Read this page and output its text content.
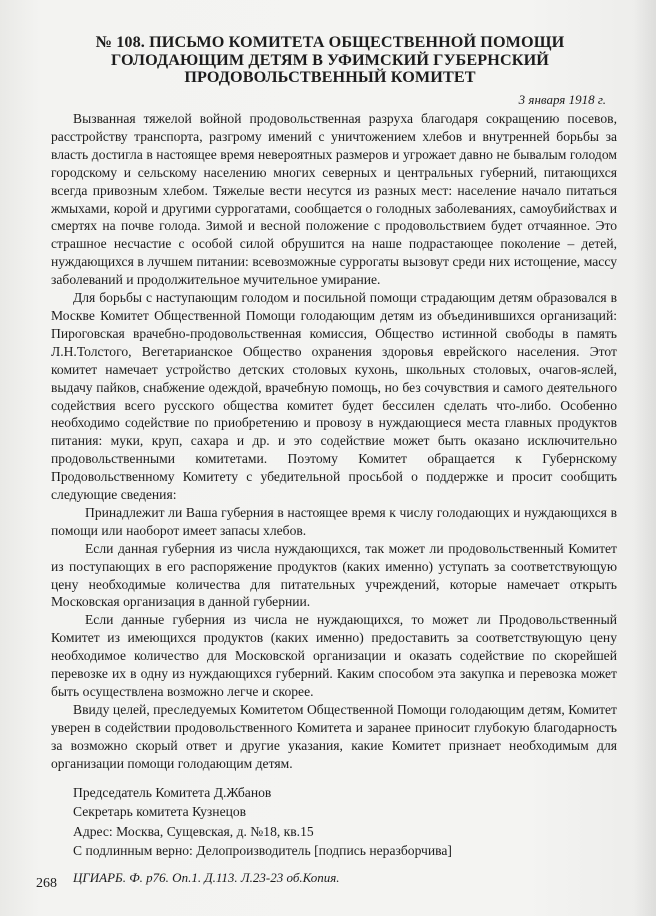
№ 108. ПИСЬМО КОМИТЕТА ОБЩЕСТВЕННОЙ ПОМОЩИ
ГОЛОДАЮЩИМ ДЕТЯМ В УФИМСКИЙ ГУБЕРНСКИЙ
ПРОДОВОЛЬСТВЕННЫЙ КОМИТЕТ
3 января 1918 г.

Вызванная тяжелой войной продовольственная разруха благодаря сокращению посевов, расстройству транспорта, разгрому имений с уничтожением хлебов и внутренней борьбы за власть достигла в настоящее время невероятных размеров и угрожает давно не бывалым голодом городскому и сельскому населению многих северных и центральных губерний, питающихся всегда привозным хлебом. Тяжелые вести несутся из разных мест: население начало питаться жмыхами, корой и другими суррогатами, сообщается о голодных заболеваниях, самоубийствах и смертях на почве голода. Зимой и весной положение с продовольствием будет отчаянное. Это страшное несчастие с особой силой обрушится на наше подрастающее поколение – детей, нуждающихся в лучшем питании: всевозможные суррогаты вызовут среди них истощение, массу заболеваний и продолжительное мучительное умирание.

Для борьбы с наступающим голодом и посильной помощи страдающим детям образовался в Москве Комитет Общественной Помощи голодающим детям из объединившихся организаций: Пироговская врачебно-продовольственная комиссия, Общество истинной свободы в память Л.Н.Толстого, Вегетарианское Общество охранения здоровья еврейского населения. Этот комитет намечает устройство детских столовых кухонь, школьных столовых, очагов-яслей, выдачу пайков, снабжение одеждой, врачебную помощь, но без сочувствия и самого деятельного содействия всего русского общества комитет будет бессилен сделать что-либо. Особенно необходимо содействие по приобретению и провозу в нуждающиеся места главных продуктов питания: муки, круп, сахара и др. и это содействие может быть оказано исключительно продовольственными комитетами. Поэтому Комитет обращается к Губернскому Продовольственному Комитету с убедительной просьбой о поддержке и просит сообщить следующие сведения:

Принадлежит ли Ваша губерния в настоящее время к числу голодающих и нуждающихся в помощи или наоборот имеет запасы хлебов.

Если данная губерния из числа нуждающихся, так может ли продовольственный Комитет из поступающих в его распоряжение продуктов (каких именно) уступать за соответствующую цену необходимые количества для питательных учреждений, которые намечает открыть Московская организация в данной губернии.

Если данные губерния из числа не нуждающихся, то может ли Продовольственный Комитет из имеющихся продуктов (каких именно) предоставить за соответствующую цену необходимое количество для Московской организации и оказать содействие по скорейшей перевозке их в одну из нуждающихся губерний. Каким способом эта закупка и перевозка может быть осуществлена возможно легче и скорее.

Ввиду целей, преследуемых Комитетом Общественной Помощи голодающим детям, Комитет уверен в содействии продовольственного Комитета и заранее приносит глубокую благодарность за возможно скорый ответ и другие указания, какие Комитет признает необходимым для организации помощи голодающим детям.

Председатель Комитета Д.Жбанов

Секретарь комитета Кузнецов

Адрес: Москва, Сущевская, д. №18, кв.15

С подлинным верно: Делопроизводитель [подпись неразборчива]

ЦГИАРБ. Ф. р76. Оп.1. Д.113. Л.23-23 об.Копия.
268
